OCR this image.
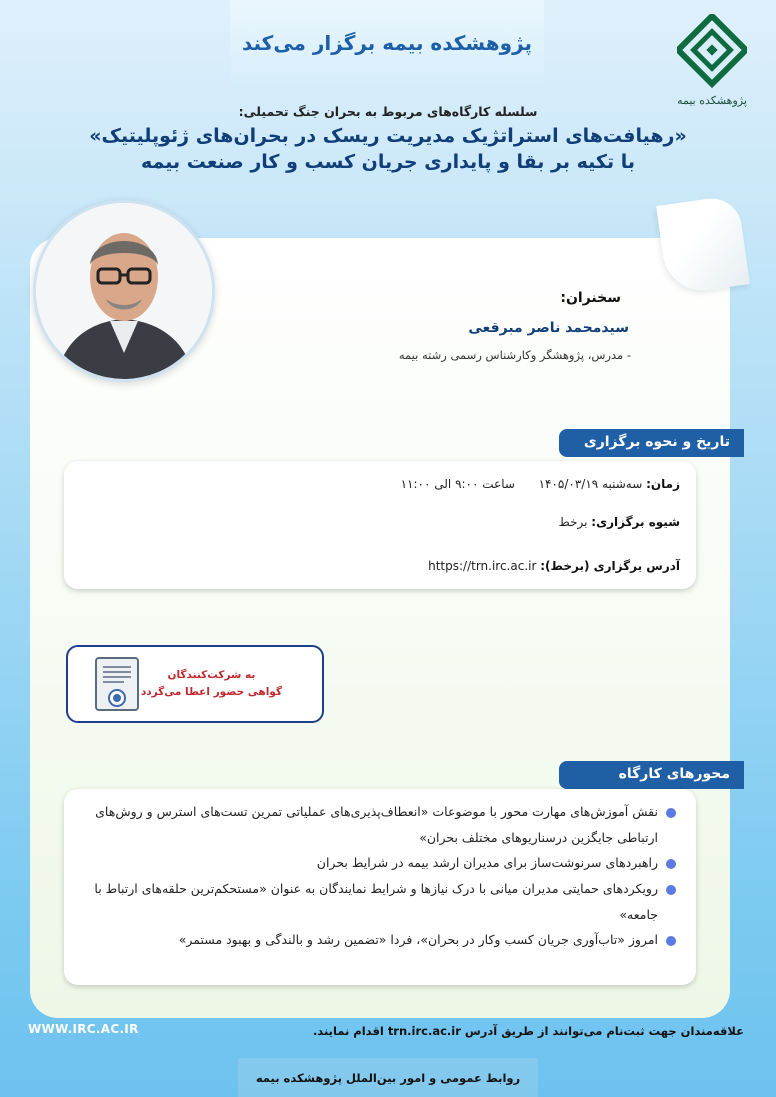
پژوهشکده بیمه برگزار می‌کند
پژوهشکده بیمه
سلسله کارگاه‌های مربوط به بحران جنگ تحمیلی:
«رهیافت‌های استراتژیک مدیریت ریسک در بحران‌های ژئوپلیتیک»
با تکیه بر بقا و پایداری جریان کسب و کار صنعت بیمه
سخنران:
سیدمحمد ناصر مبرقعی
- مدرس، پژوهشگر وکارشناس رسمی رشته بیمه
تاریخ و نحوه برگزاری
زمان: سه‌شنبه ۱۴۰۵/۰۳/۱۹  ساعت ۹:۰۰ الی ۱۱:۰۰
شیوه برگزاری: برخط
آدرس برگزاری (برخط): https://trn.irc.ac.ir
به شرکت‌کنندگان
گواهی حضور اعطا می‌گردد
محورهای کارگاه
نقش آموزش‌های مهارت محور با موضوعات «انعطاف‌پذیری‌های عملیاتی تمرین تست‌های استرس و روش‌های ارتباطی جایگزین درسناریوهای مختلف بحران»
راهبردهای سرنوشت‌ساز برای مدیران ارشد بیمه در شرایط بحران
رویکردهای حمایتی مدیران میانی با درک نیازها و شرایط نمایندگان به عنوان «مستحکم‌ترین حلقه‌های ارتباط با جامعه»
امروز «تاب‌آوری جریان کسب وکار در بحران»، فردا «تضمین رشد و بالندگی و بهبود مستمر»
علاقه‌مندان جهت ثبت‌نام می‌توانند از طریق آدرس trn.irc.ac.ir اقدام نمایند.
WWW.IRC.AC.IR
روابط عمومی و امور بین‌الملل پژوهشکده بیمه
